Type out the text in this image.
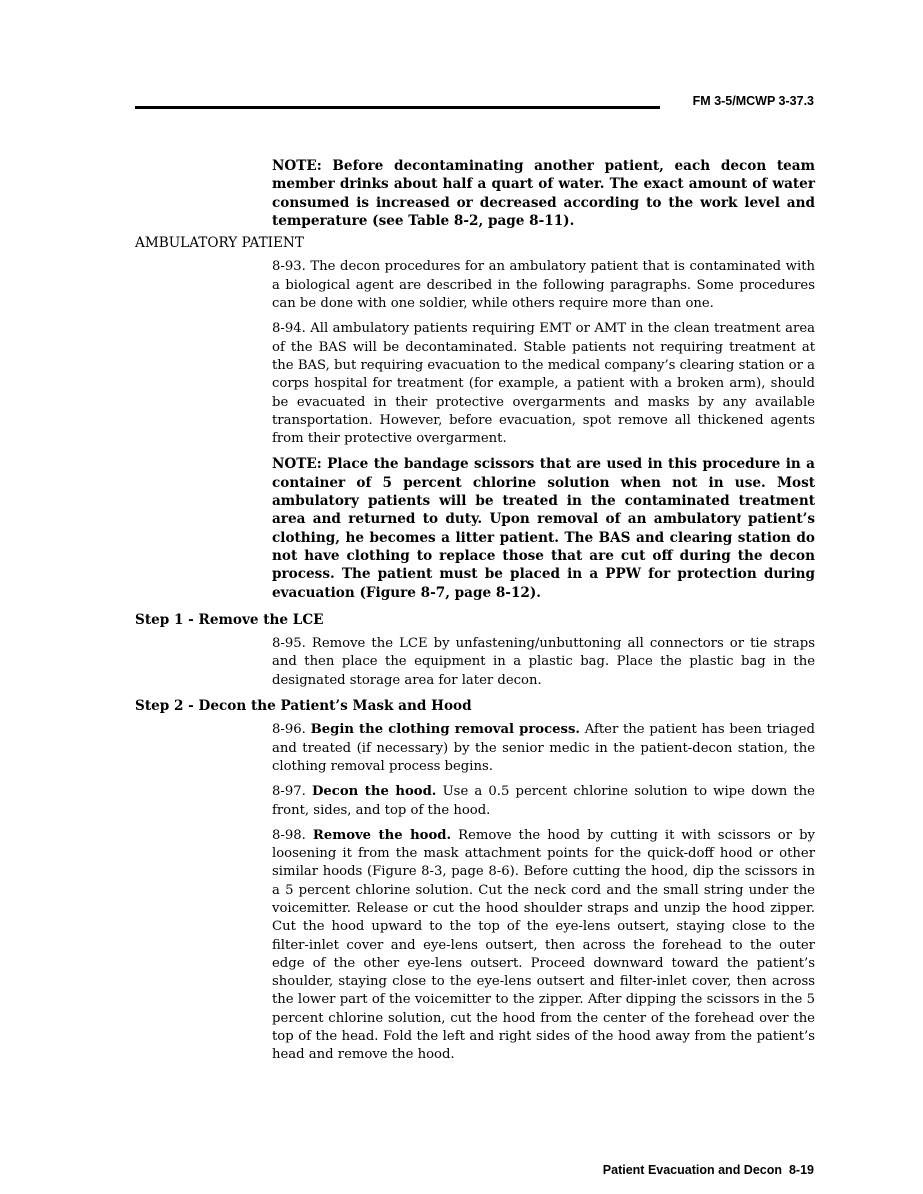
FM 3-5/MCWP 3-37.3

NOTE: Before decontaminating another patient, each decon team member drinks about half a quart of water. The exact amount of water consumed is increased or decreased according to the work level and temperature (see Table 8-2, page 8-11).

AMBULATORY PATIENT

8-93. The decon procedures for an ambulatory patient that is contaminated with a biological agent are described in the following paragraphs. Some procedures can be done with one soldier, while others require more than one.

8-94. All ambulatory patients requiring EMT or AMT in the clean treatment area of the BAS will be decontaminated. Stable patients not requiring treatment at the BAS, but requiring evacuation to the medical company’s clearing station or a corps hospital for treatment (for example, a patient with a broken arm), should be evacuated in their protective overgarments and masks by any available transportation. However, before evacuation, spot remove all thickened agents from their protective overgarment.

NOTE: Place the bandage scissors that are used in this procedure in a container of 5 percent chlorine solution when not in use. Most ambulatory patients will be treated in the contaminated treatment area and returned to duty. Upon removal of an ambulatory patient’s clothing, he becomes a litter patient. The BAS and clearing station do not have clothing to replace those that are cut off during the decon process. The patient must be placed in a PPW for protection during evacuation (Figure 8-7, page 8-12).

Step 1 - Remove the LCE

8-95. Remove the LCE by unfastening/unbuttoning all connectors or tie straps and then place the equipment in a plastic bag. Place the plastic bag in the designated storage area for later decon.

Step 2 - Decon the Patient’s Mask and Hood

8-96. Begin the clothing removal process. After the patient has been triaged and treated (if necessary) by the senior medic in the patient-decon station, the clothing removal process begins.

8-97. Decon the hood. Use a 0.5 percent chlorine solution to wipe down the front, sides, and top of the hood.

8-98. Remove the hood. Remove the hood by cutting it with scissors or by loosening it from the mask attachment points for the quick-doff hood or other similar hoods (Figure 8-3, page 8-6). Before cutting the hood, dip the scissors in a 5 percent chlorine solution. Cut the neck cord and the small string under the voicemitter. Release or cut the hood shoulder straps and unzip the hood zipper. Cut the hood upward to the top of the eye-lens outsert, staying close to the filter-inlet cover and eye-lens outsert, then across the forehead to the outer edge of the other eye-lens outsert. Proceed downward toward the patient’s shoulder, staying close to the eye-lens outsert and filter-inlet cover, then across the lower part of the voicemitter to the zipper. After dipping the scissors in the 5 percent chlorine solution, cut the hood from the center of the forehead over the top of the head. Fold the left and right sides of the hood away from the patient’s head and remove the hood.

Patient Evacuation and Decon 8-19
